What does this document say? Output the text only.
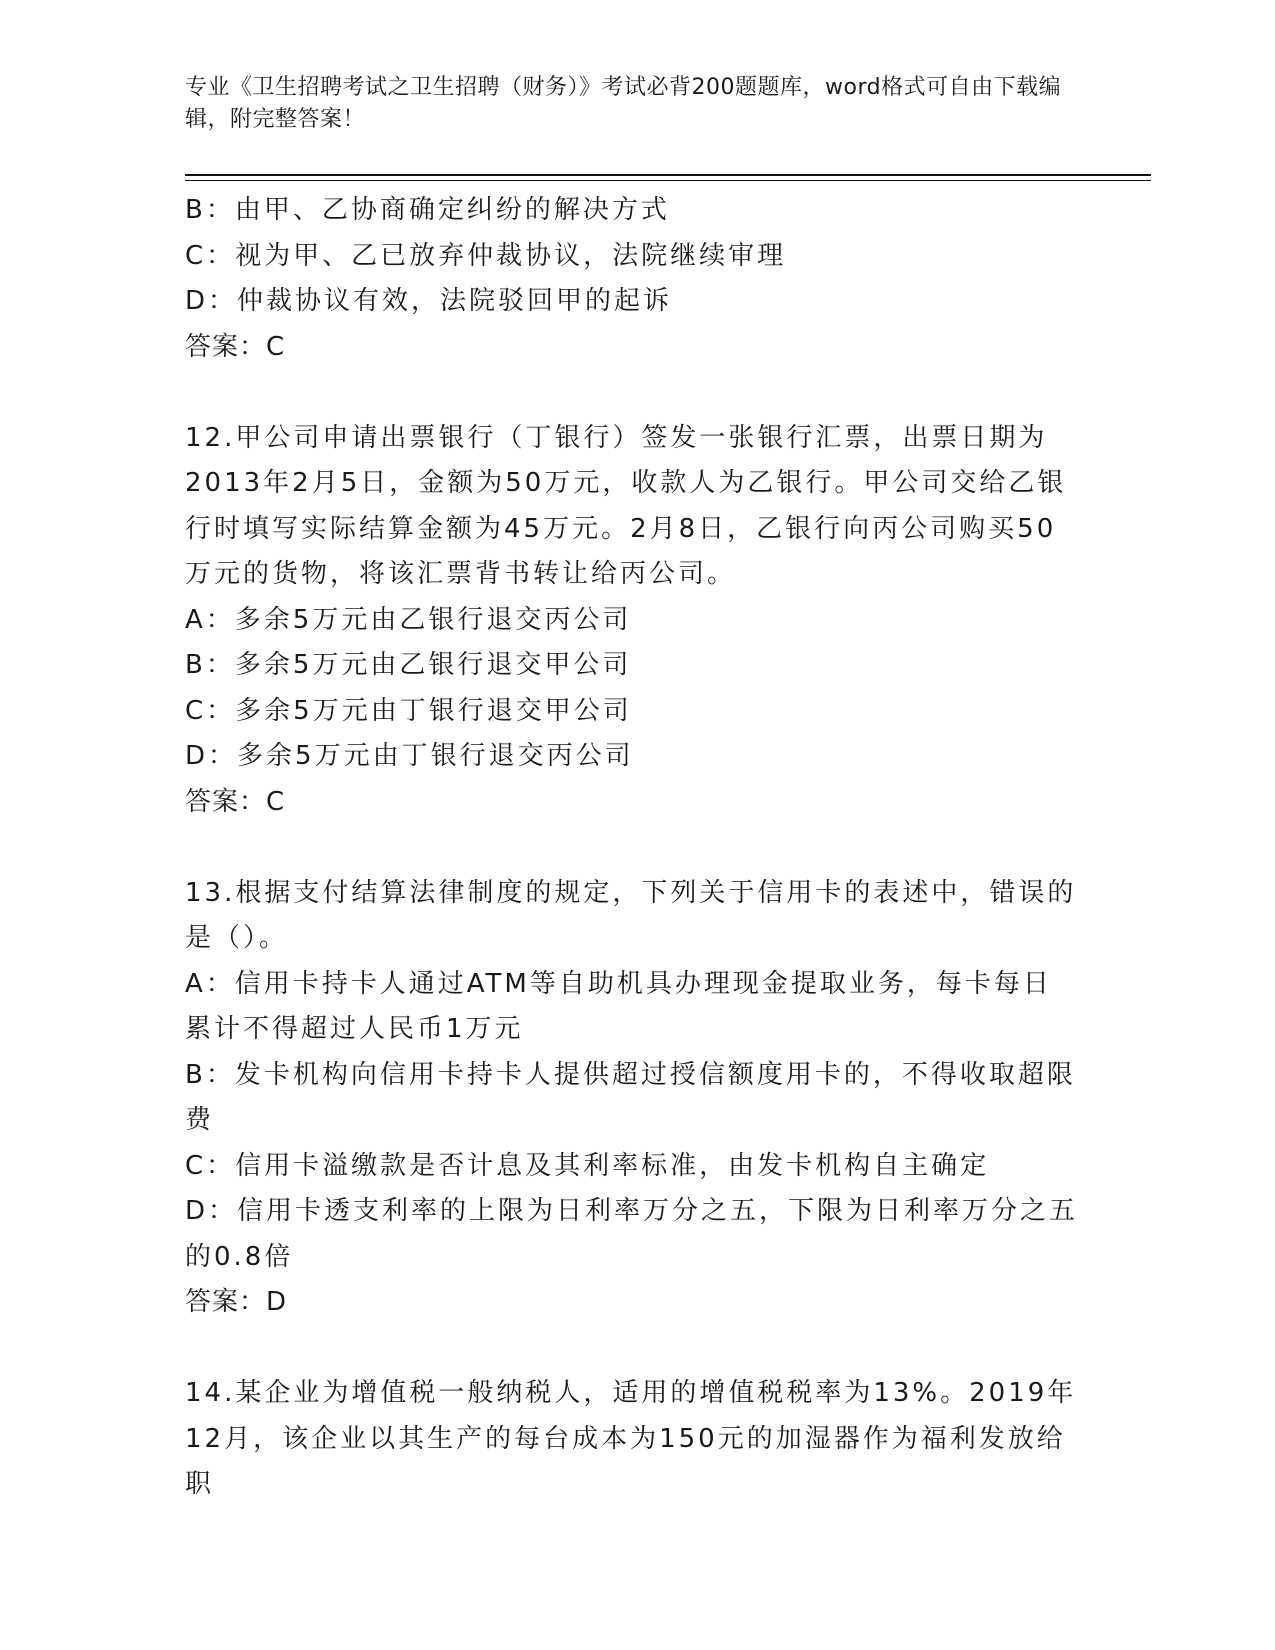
专业《卫生招聘考试之卫生招聘（财务）》考试必背200题题库，word格式可自由下载编辑，附完整答案！

B：由甲、乙协商确定纠纷的解决方式

C：视为甲、乙已放弃仲裁协议，法院继续审理

D：仲裁协议有效，法院驳回甲的起诉

答案：C

12.甲公司申请出票银行（丁银行）签发一张银行汇票，出票日期为2013年2月5日，金额为50万元，收款人为乙银行。甲公司交给乙银行时填写实际结算金额为45万元。2月8日，乙银行向丙公司购买50万元的货物，将该汇票背书转让给丙公司。

A：多余5万元由乙银行退交丙公司

B：多余5万元由乙银行退交甲公司

C：多余5万元由丁银行退交甲公司

D：多余5万元由丁银行退交丙公司

答案：C

13.根据支付结算法律制度的规定，下列关于信用卡的表述中，错误的是（）。

A：信用卡持卡人通过ATM等自助机具办理现金提取业务，每卡每日累计不得超过人民币1万元

B：发卡机构向信用卡持卡人提供超过授信额度用卡的，不得收取超限费

C：信用卡溢缴款是否计息及其利率标准，由发卡机构自主确定

D：信用卡透支利率的上限为日利率万分之五，下限为日利率万分之五的0.8倍

答案：D

14.某企业为增值税一般纳税人，适用的增值税税率为13%。2019年12月，该企业以其生产的每台成本为150元的加湿器作为福利发放给职
